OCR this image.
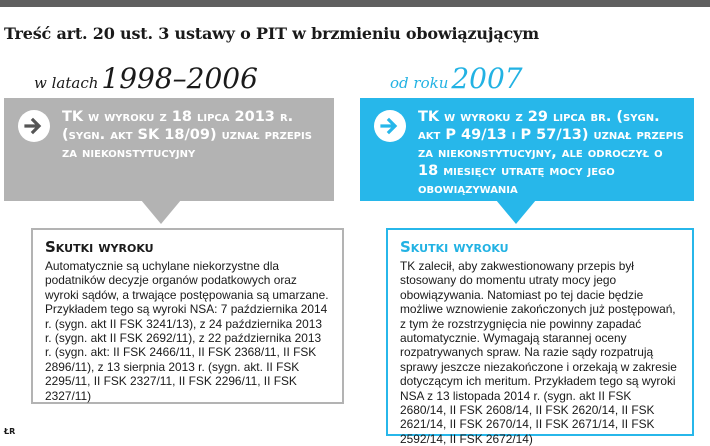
Treść art. 20 ust. 3 ustawy o PIT w brzmieniu obowiązującym
w latach 1998–2006
TK w wyroku z 18 lipca 2013 r. (sygn. akt SK 18/09) uznał przepis za niekonstytucyjny
Skutki wyroku
Automatycznie są uchylane niekorzystne dla podatników decyzje organów podatkowych oraz wyroki sądów, a trwające postępowania są umarzane. Przykładem tego są wyroki NSA: 7 października 2014 r. (sygn. akt II FSK 3241/13), z 24 października 2013 r. (sygn. akt II FSK 2692/11), z 22 października 2013 r. (sygn. akt: II FSK 2466/11, II FSK 2368/11, II FSK 2896/11), z 13 sierpnia 2013 r. (sygn. akt. II FSK 2295/11, II FSK 2327/11, II FSK 2296/11, II FSK 2327/11)
od roku 2007
TK w wyroku z 29 lipca br. (sygn. akt P 49/13 i P 57/13) uznał przepis za niekonstytucyjny, ale odroczył o 18 miesięcy utratę mocy jego obowiązywania
Skutki wyroku
TK zalecił, aby zakwestionowany przepis był stosowany do momentu utraty mocy jego obowiązywania. Natomiast po tej dacie będzie możliwe wznowienie zakończonych już postępowań, z tym że rozstrzygnięcia nie powinny zapadać automatycznie. Wymagają starannej oceny rozpatrywanych spraw. Na razie sądy rozpatrują sprawy jeszcze niezakończone i orzekają w zakresie dotyczącym ich meritum. Przykładem tego są wyroki NSA z 13 listopada 2014 r. (sygn. akt II FSK 2680/14, II FSK 2608/14, II FSK 2620/14, II FSK 2621/14, II FSK 2670/14, II FSK 2671/14, II FSK 2592/14, II FSK 2672/14)
ŁR
